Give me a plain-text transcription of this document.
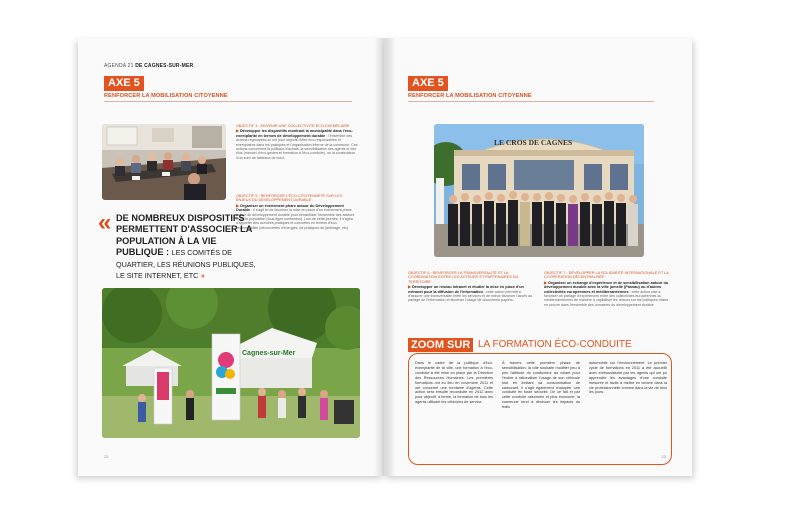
AGENDA 21 DE CAGNES-SUR-MER
AXE 5
RENFORCER LA MOBILISATION CITOYENNE
OBJECTIF 4 : DEVENIR UNE COLLECTIVITÉ ÉCO-EXEMPLAIRE
▶ Développer les dispositifs montrant la municipalité dans l'éco-exemplarité en termes de développement durable : l'ensemble des actions regroupées ici ont pour objectif d'être éco-responsables et exemplaires dans les pratiques et l'organisation interne de la commune. Ces actions concernent la politique d'achats, la sensibilisation des agents et des élus (manuel d'éco-gestes et formation à l'éco-conduite), ou la construction d'un suivi de tableaux de bord.
OBJECTIF 5 : RENFORCER L'ÉCO-CITOYENNETÉ SUR LES ENJEUX DU DÉVELOPPEMENT DURABLE
▶ Organiser un événement phare autour du Développement Durable : il s'agit ici de favoriser la mise en place d'un événement phare autour du développement durable pour sensibiliser l'ensemble des acteurs et de la population (tous âges confondus). Lors de cette journée, il s'agira d'apporter des données pratiques et concrètes en termes d'éco-responsabilité (découvertes d'énergies, de pratiques de jardinage, etc).
« DE NOMBREUX DISPOSITIFS PERMETTENT D'ASSOCIER LA POPULATION À LA VIE PUBLIQUE : LES COMITÉS DE QUARTIER, LES RÉUNIONS PUBLIQUES, LE SITE INTERNET, ETC »
Cagnes-sur-Mer
22
AXE 5
RENFORCER LA MOBILISATION CITOYENNE
LE CROS DE CAGNES
OBJECTIF 6 : RENFORCER LA TRANSVERSALITÉ ET LA COORDINATION ENTRE LES ACTEURS ET PARTENAIRES DU TERRITOIRE
▶ Développer un réseau Intranet et étudier la mise en place d'un extranet pour la diffusion de l'information : cette action permettra d'assurer une transversalité entre les services et de mieux favoriser l'accès au partage de l'information et favoriser l'usage de documents papiers.
OBJECTIF 7 : DÉVELOPPER LA SOLIDARITÉ INTERNATIONALE ET LA COOPÉRATION DÉCENTRALISÉE
▶ Organiser un échange d'expérience et de sensibilisation autour du développement durable avec la ville jumelle (Passau) ou d'autres collectivités européennes et méditerranéennes : cette action vise à favoriser un partage d'expériences entre des collectivités européennes ou méditerranéennes de manière à capitaliser les retours sur les politiques mises en oeuvre dans l'ensemble des domaines du développement durable.
23
ZOOM SUR LA FORMATION ÉCO-CONDUITE
Dans le cadre de la politique d'éco-exemplarité de la ville, une formation à l'éco-conduite a été mise en place par la Direction des Ressources Humaines. Les premières formations ont eu lieu en novembre 2011 et ont concerné une trentaine d'agents. Cette action sera ensuite reconduite en 2012 avec pour objectif, à terme, la formation de tous les agents utilisant les véhicules de service.
À travers cette première phase de sensibilisation, la ville souhaite modifier peu à peu l'attitude du conducteur au volant pour l'inciter à rationaliser l'usage de son véhicule tout en limitant sa consommation de carburant. Il s'agit également d'adopter une conduite en toute sécurité. De ce fait et par cette conduite raisonnée et plus économe, la commune tend à diminuer les impacts du trafic
automobile sur l'environnement. Le premier cycle de formations en 2011 a été accueilli avec enthousiasme par les agents qui ont pu apprendre les avantages d'une conduite mesurée et facile à mettre en oeuvre dans la vie professionnelle comme dans la vie de tous les jours.
